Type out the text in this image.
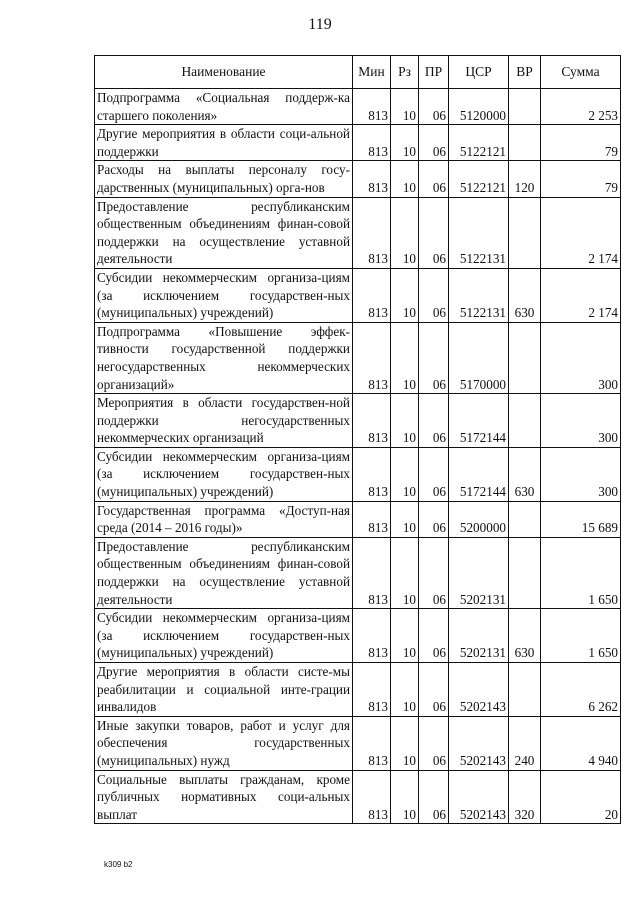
119
Наименование	Мин	Рз	ПР	ЦСР	ВР	Сумма
Подпрограмма «Социальная поддерж-ка старшего поколения»	813	10	06	5120000		2 253
Другие мероприятия в области соци-альной поддержки	813	10	06	5122121		79
Расходы на выплаты персоналу госу-дарственных (муниципальных) орга-нов	813	10	06	5122121	120	79
Предоставление республиканским общественным объединениям финан-совой поддержки на осуществление уставной деятельности	813	10	06	5122131		2 174
Субсидии некоммерческим организа-циям (за исключением государствен-ных (муниципальных) учреждений)	813	10	06	5122131	630	2 174
Подпрограмма «Повышение эффек-тивности государственной поддержки негосударственных некоммерческих организаций»	813	10	06	5170000		300
Мероприятия в области государствен-ной поддержки негосударственных некоммерческих организаций	813	10	06	5172144		300
Субсидии некоммерческим организа-циям (за исключением государствен-ных (муниципальных) учреждений)	813	10	06	5172144	630	300
Государственная программа «Доступ-ная среда (2014 – 2016 годы)»	813	10	06	5200000		15 689
Предоставление республиканским общественным объединениям финан-совой поддержки на осуществление уставной деятельности	813	10	06	5202131		1 650
Субсидии некоммерческим организа-циям (за исключением государствен-ных (муниципальных) учреждений)	813	10	06	5202131	630	1 650
Другие мероприятия в области систе-мы реабилитации и социальной инте-грации инвалидов	813	10	06	5202143		6 262
Иные закупки товаров, работ и услуг для обеспечения государственных (муниципальных) нужд	813	10	06	5202143	240	4 940
Социальные выплаты гражданам, кроме публичных нормативных соци-альных выплат	813	10	06	5202143	320	20
k309 b2
